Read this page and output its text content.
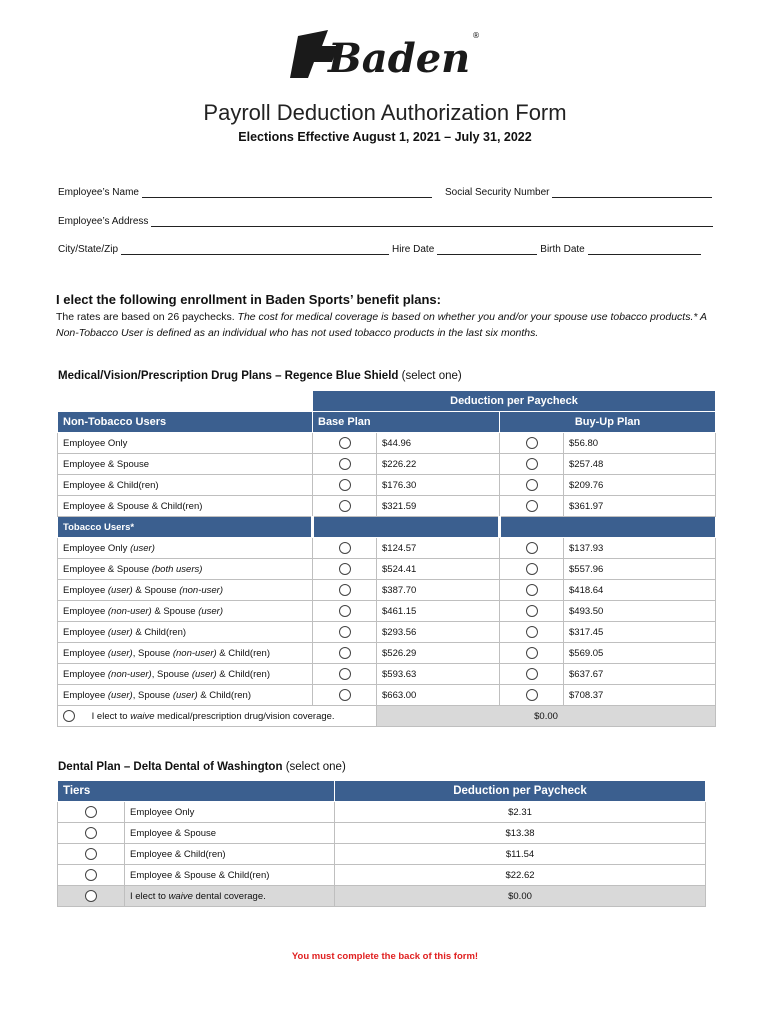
Baden ®
Payroll Deduction Authorization Form
Elections Effective August 1, 2021 – July 31, 2022
Employee’s Name	Social Security Number
Employee’s Address
City/State/Zip	Hire Date	Birth Date
I elect the following enrollment in Baden Sports’ benefit plans:
The rates are based on 26 paychecks. The cost for medical coverage is based on whether you and/or your spouse use tobacco products.* A Non-Tobacco User is defined as an individual who has not used tobacco products in the last six months.
Medical/Vision/Prescription Drug Plans – Regence Blue Shield (select one)
	Deduction per Paycheck			
Non-Tobacco Users	Base Plan		Buy-Up Plan	
Employee Only		$44.96		$56.80
Employee & Spouse		$226.22		$257.48
Employee & Child(ren)		$176.30		$209.76
Employee & Spouse & Child(ren)		$321.59		$361.97
Tobacco Users*				
Employee Only (user)		$124.57		$137.93
Employee & Spouse (both users)		$524.41		$557.96
Employee (user) & Spouse (non-user)		$387.70		$418.64
Employee (non-user) & Spouse (user)		$461.15		$493.50
Employee (user) & Child(ren)		$293.56		$317.45
Employee (user), Spouse (non-user) & Child(ren)		$526.29		$569.05
Employee (non-user), Spouse (user) & Child(ren)		$593.63		$637.67
Employee (user), Spouse (user) & Child(ren)		$663.00		$708.37
I elect to waive medical/prescription drug/vision coverage.		$0.00		
Dental Plan – Delta Dental of Washington (select one)
Tiers		Deduction per Paycheck
	Employee Only	$2.31
	Employee & Spouse	$13.38
	Employee & Child(ren)	$11.54
	Employee & Spouse & Child(ren)	$22.62
	I elect to waive dental coverage.	$0.00
You must complete the back of this form!
